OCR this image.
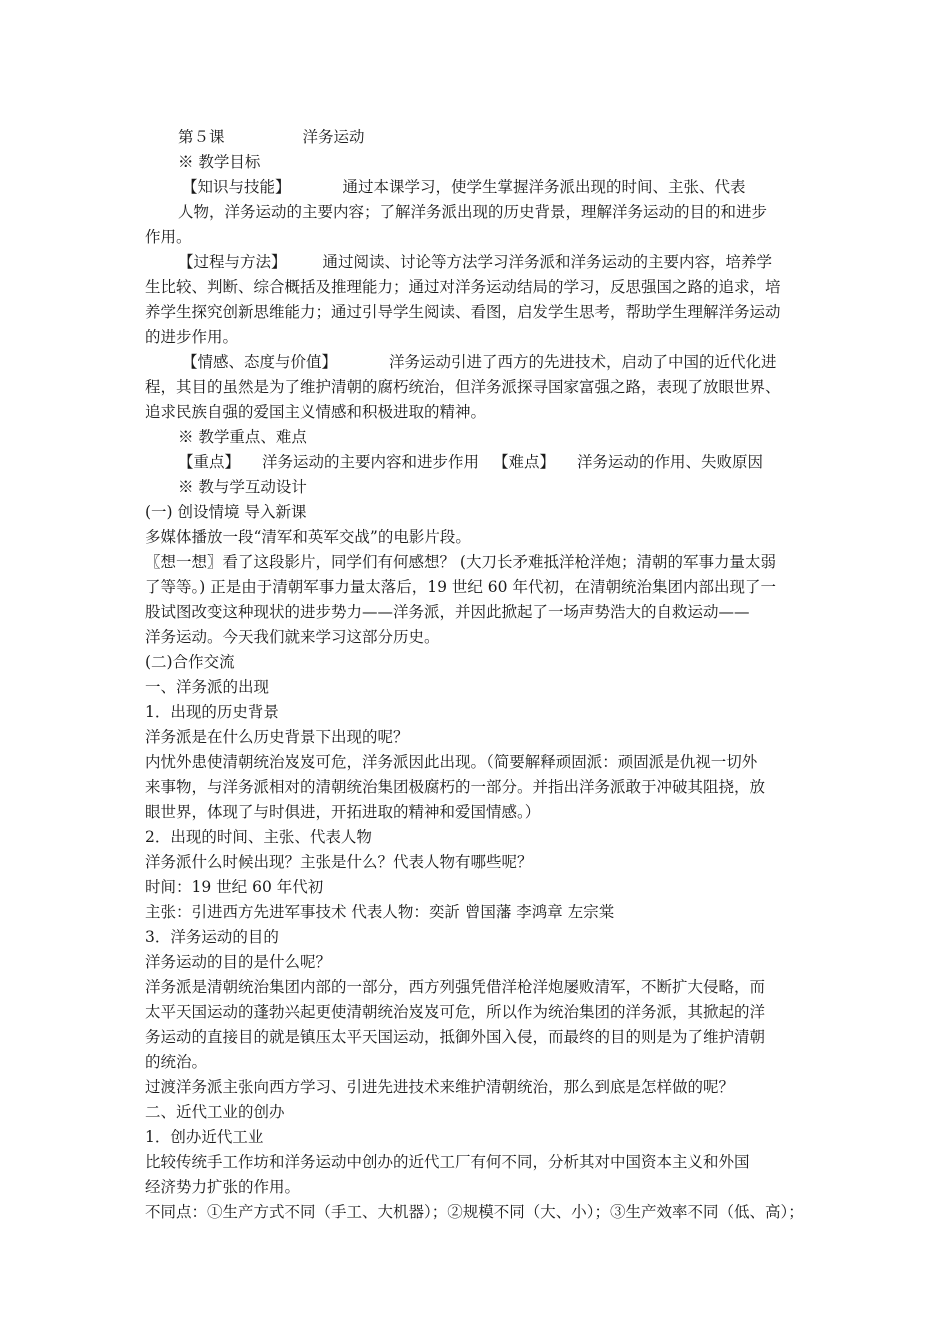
第５课	洋务运动
※ 教学目标
【知识与技能】	通过本课学习，使学生掌握洋务派出现的时间、主张、代表
人物，洋务运动的主要内容；了解洋务派出现的历史背景，理解洋务运动的目的和进步
作用。
【过程与方法】 通过阅读、讨论等方法学习洋务派和洋务运动的主要内容，培养学
生比较、判断、综合概括及推理能力；通过对洋务运动结局的学习，反思强国之路的追求，培
养学生探究创新思维能力；通过引导学生阅读、看图，启发学生思考，帮助学生理解洋务运动
的进步作用。
【情感、态度与价值】	洋务运动引进了西方的先进技术，启动了中国的近代化进
程，其目的虽然是为了维护清朝的腐朽统治，但洋务派探寻国家富强之路，表现了放眼世界、
追求民族自强的爱国主义情感和积极进取的精神。
※ 教学重点、难点
【重点】 洋务运动的主要内容和进步作用 【难点】 洋务运动的作用、失败原因
※ 教与学互动设计
(一) 创设情境 导入新课
多媒体播放一段“清军和英军交战”的电影片段。
〖想一想〗看了这段影片，同学们有何感想？ (大刀长矛难抵洋枪洋炮；清朝的军事力量太弱
了等等。) 正是由于清朝军事力量太落后，19 世纪 60 年代初，在清朝统治集团内部出现了一
股试图改变这种现状的进步势力——洋务派，并因此掀起了一场声势浩大的自救运动——
洋务运动。今天我们就来学习这部分历史。
(二)合作交流
一、洋务派的出现
1．出现的历史背景
洋务派是在什么历史背景下出现的呢？
内忧外患使清朝统治岌岌可危，洋务派因此出现。（简要解释顽固派：顽固派是仇视一切外
来事物，与洋务派相对的清朝统治集团极腐朽的一部分。并指出洋务派敢于冲破其阻挠，放
眼世界，体现了与时俱进，开拓进取的精神和爱国情感。）
2．出现的时间、主张、代表人物
洋务派什么时候出现？主张是什么？代表人物有哪些呢？
时间：19 世纪 60 年代初
主张：引进西方先进军事技术 代表人物：奕訢 曾国藩 李鸿章 左宗棠
3．洋务运动的目的
洋务运动的目的是什么呢？
洋务派是清朝统治集团内部的一部分，西方列强凭借洋枪洋炮屡败清军，不断扩大侵略，而
太平天国运动的蓬勃兴起更使清朝统治岌岌可危，所以作为统治集团的洋务派，其掀起的洋
务运动的直接目的就是镇压太平天国运动，抵御外国入侵，而最终的目的则是为了维护清朝
的统治。
过渡洋务派主张向西方学习、引进先进技术来维护清朝统治，那么到底是怎样做的呢？
二、近代工业的创办
1．创办近代工业
比较传统手工作坊和洋务运动中创办的近代工厂有何不同，分析其对中国资本主义和外国
经济势力扩张的作用。
不同点：①生产方式不同（手工、大机器）；②规模不同（大、小）；③生产效率不同（低、高）；
